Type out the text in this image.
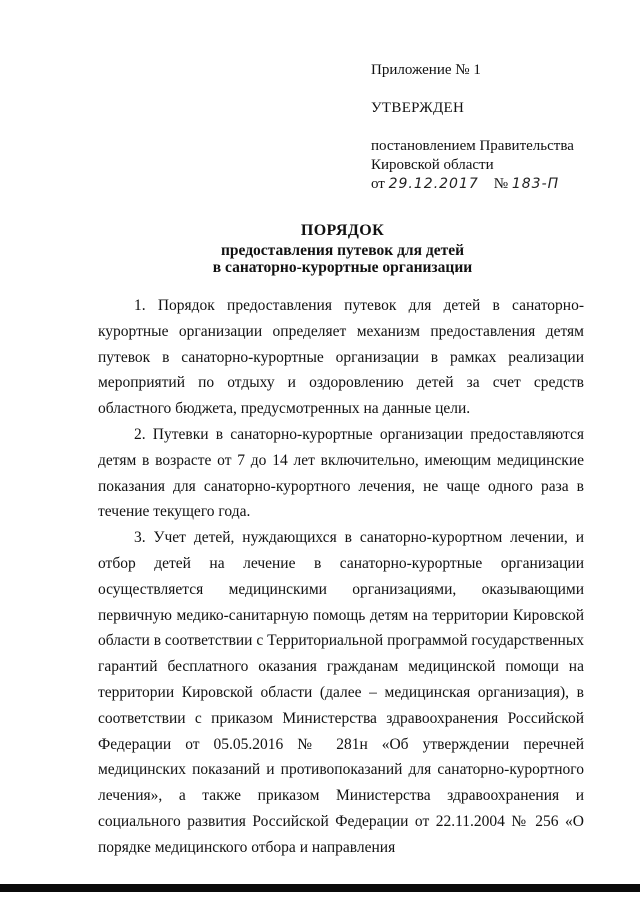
Приложение № 1

УТВЕРЖДЕН

постановлением Правительства

Кировской области

от 29.12.2017 № 183-П

ПОРЯДОК

предоставления путевок для детей

в санаторно-курортные организации

1. Порядок предоставления путевок для детей в санаторно-курортные организации определяет механизм предоставления детям путевок в санаторно-курортные организации в рамках реализации мероприятий по отдыху и оздоровлению детей за счет средств областного бюджета, предусмотренных на данные цели.

2. Путевки в санаторно-курортные организации предоставляются детям в возрасте от 7 до 14 лет включительно, имеющим медицинские показания для санаторно-курортного лечения, не чаще одного раза в течение текущего года.

3. Учет детей, нуждающихся в санаторно-курортном лечении, и отбор детей на лечение в санаторно-курортные организации осуществляется медицинскими организациями, оказывающими первичную медико-санитарную помощь детям на территории Кировской области в соответствии с Территориальной программой государственных гарантий бесплатного оказания гражданам медицинской помощи на территории Кировской области (далее – медицинская организация), в соответствии с приказом Министерства здравоохранения Российской Федерации от 05.05.2016 № 281н «Об утверждении перечней медицинских показаний и противопоказаний для санаторно-курортного лечения», а также приказом Министерства здравоохранения и социального развития Российской Федерации от 22.11.2004 № 256 «О порядке медицинского отбора и направления
